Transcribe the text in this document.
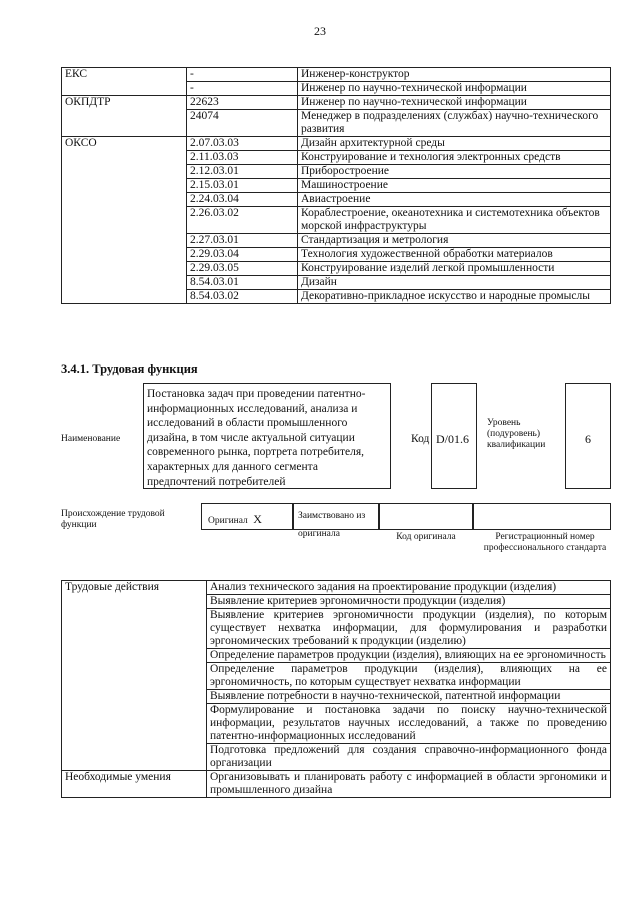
23
ЕКС	-	Инженер-конструктор
	-	Инженер по научно-технической информации
ОКПДТР	22623	Инженер по научно-технической информации
	24074	Менеджер в подразделениях (службах) научно-технического развития
ОКСО	2.07.03.03	Дизайн архитектурной среды
	2.11.03.03	Конструирование и технология электронных средств
	2.12.03.01	Приборостроение
	2.15.03.01	Машиностроение
	2.24.03.04	Авиастроение
	2.26.03.02	Кораблестроение, океанотехника и системотехника объектов морской инфраструктуры
	2.27.03.01	Стандартизация и метрология
	2.29.03.04	Технология художественной обработки материалов
	2.29.03.05	Конструирование изделий легкой промышленности
	8.54.03.01	Дизайн
	8.54.03.02	Декоративно-прикладное искусство и народные промыслы
3.4.1. Трудовая функция
Наименование
Постановка задач при проведении патентно-информационных исследований, анализа и исследований в области промышленного дизайна, в том числе актуальной ситуации современного рынка, портрета потребителя, характерных для данного сегмента предпочтений потребителей
Код D/01.6
Уровень (подуровень) квалификации	6
Происхождение трудовой функции	Оригинал X	Заимствовано из оригинала	Код оригинала	Регистрационный номер профессионального стандарта
Трудовые действия	Анализ технического задания на проектирование продукции (изделия)
	Выявление критериев эргономичности продукции (изделия)
	Выявление критериев эргономичности продукции (изделия), по которым существует нехватка информации, для формулирования и разработки эргономических требований к продукции (изделию)
	Определение параметров продукции (изделия), влияющих на ее эргономичность
	Определение параметров продукции (изделия), влияющих на ее эргономичность, по которым существует нехватка информации
	Выявление потребности в научно-технической, патентной информации
	Формулирование и постановка задачи по поиску научно-технической информации, результатов научных исследований, а также по проведению патентно-информационных исследований
	Подготовка предложений для создания справочно-информационного фонда организации
Необходимые умения	Организовывать и планировать работу с информацией в области эргономики и промышленного дизайна
